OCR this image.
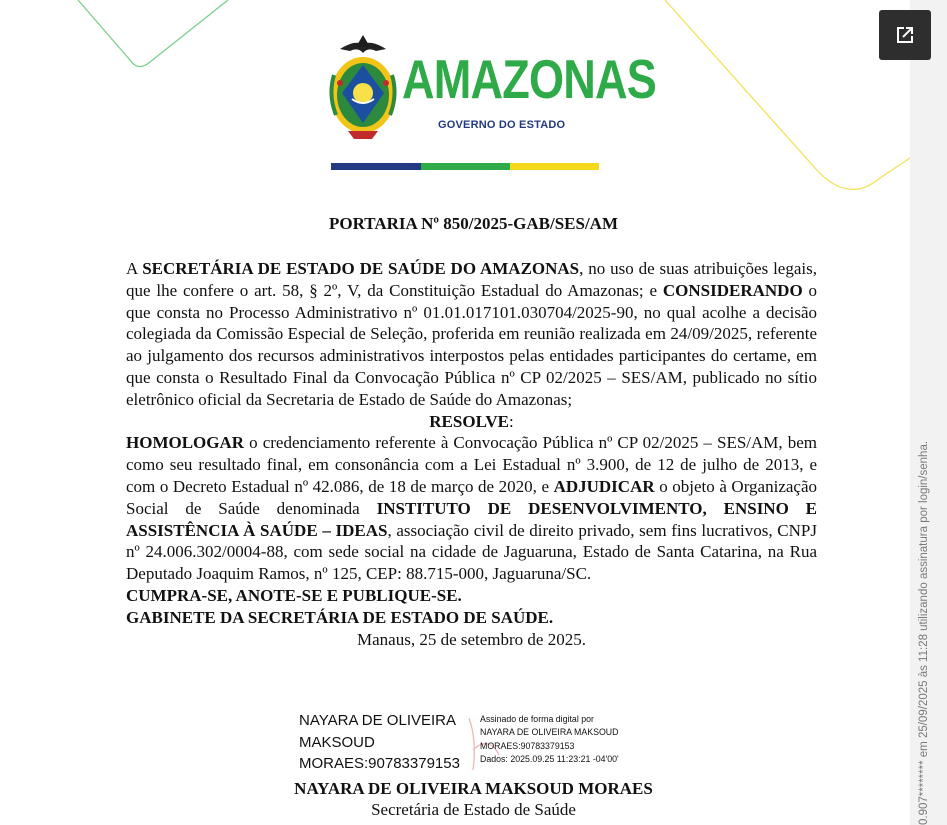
AMAZONAS
GOVERNO DO ESTADO
PORTARIA Nº 850/2025-GAB/SES/AM

A SECRETÁRIA DE ESTADO DE SAÚDE DO AMAZONAS, no uso de suas atribuições legais, que lhe confere o art. 58, § 2º, V, da Constituição Estadual do Amazonas; e CONSIDERANDO o que consta no Processo Administrativo nº 01.01.017101.030704/2025-90, no qual acolhe a decisão colegiada da Comissão Especial de Seleção, proferida em reunião realizada em 24/09/2025, referente ao julgamento dos recursos administrativos interpostos pelas entidades participantes do certame, em que consta o Resultado Final da Convocação Pública nº CP 02/2025 – SES/AM, publicado no sítio eletrônico oficial da Secretaria de Estado de Saúde do Amazonas;

RESOLVE:

HOMOLOGAR o credenciamento referente à Convocação Pública nº CP 02/2025 – SES/AM, bem como seu resultado final, em consonância com a Lei Estadual nº 3.900, de 12 de julho de 2013, e com o Decreto Estadual nº 42.086, de 18 de março de 2020, e ADJUDICAR o objeto à Organização Social de Saúde denominada INSTITUTO DE DESENVOLVIMENTO, ENSINO E ASSISTÊNCIA À SAÚDE – IDEAS, associação civil de direito privado, sem fins lucrativos, CNPJ nº 24.006.302/0004-88, com sede social na cidade de Jaguaruna, Estado de Santa Catarina, na Rua Deputado Joaquim Ramos, nº 125, CEP: 88.715-000, Jaguaruna/SC.

CUMPRA-SE, ANOTE-SE E PUBLIQUE-SE.

GABINETE DA SECRETÁRIA DE ESTADO DE SAÚDE.

Manaus, 25 de setembro de 2025.

NAYARA DE OLIVEIRA
MAKSOUD
MORAES:90783379153
Assinado de forma digital por
NAYARA DE OLIVEIRA MAKSOUD
MORAES:90783379153
Dados: 2025.09.25 11:23:21 -04'00'
NAYARA DE OLIVEIRA MAKSOUD MORAES
Secretária de Estado de Saúde	0.907******** em 25/09/2025 às 11:28 utilizando assinatura por login/senha.
